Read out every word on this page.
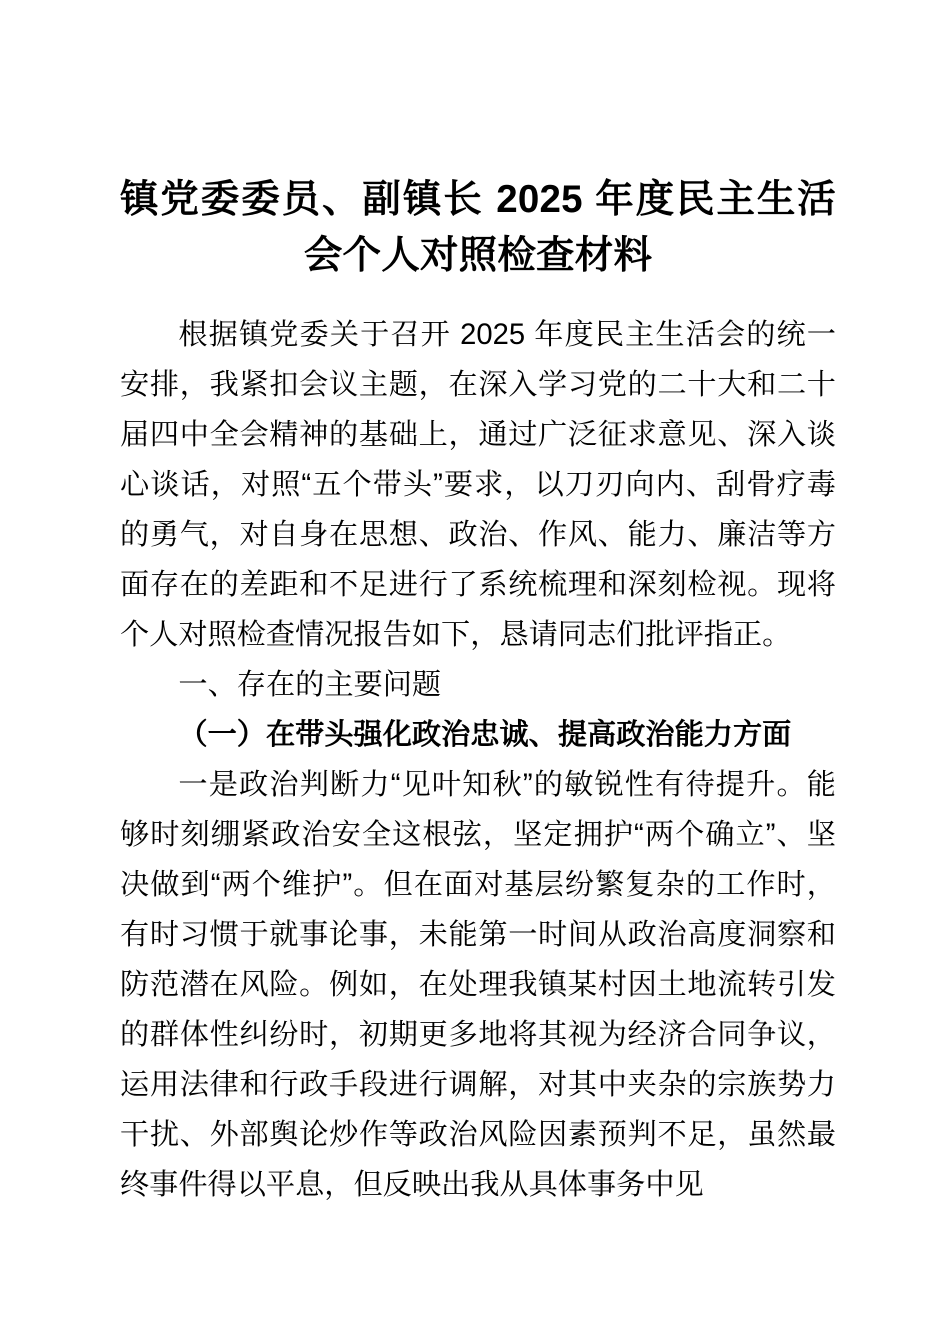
镇党委委员、副镇长 2025 年度民主生活会个人对照检查材料

根据镇党委关于召开 2025 年度民主生活会的统一安排，我紧扣会议主题，在深入学习党的二十大和二十届四中全会精神的基础上，通过广泛征求意见、深入谈心谈话，对照“五个带头”要求，以刀刃向内、刮骨疗毒的勇气，对自身在思想、政治、作风、能力、廉洁等方面存在的差距和不足进行了系统梳理和深刻检视。现将个人对照检查情况报告如下，恳请同志们批评指正。

一、存在的主要问题

（一）在带头强化政治忠诚、提高政治能力方面

一是政治判断力“见叶知秋”的敏锐性有待提升。能够时刻绷紧政治安全这根弦，坚定拥护“两个确立”、坚决做到“两个维护”。但在面对基层纷繁复杂的工作时，有时习惯于就事论事，未能第一时间从政治高度洞察和防范潜在风险。例如，在处理我镇某村因土地流转引发的群体性纠纷时，初期更多地将其视为经济合同争议，运用法律和行政手段进行调解，对其中夹杂的宗族势力干扰、外部舆论炒作等政治风险因素预判不足，虽然最终事件得以平息，但反映出我从具体事务中见
